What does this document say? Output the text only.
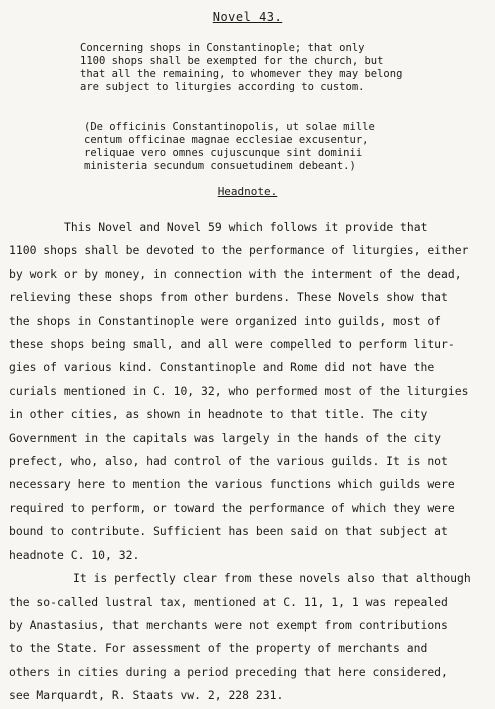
Novel 43.
Concerning shops in Constantinople; that only
1100 shops shall be exempted for the church, but
that all the remaining, to whomever they may belong
are subject to liturgies according to custom.
(De officinis Constantinopolis, ut solae mille
centum officinae magnae ecclesiae excusentur,
reliquae vero omnes cujuscunque sint dominii
ministeria secundum consuetudinem debeant.)
Headnote.
This Novel and Novel 59 which follows it provide that
1100 shops shall be devoted to the performance of liturgies, either
by work or by money, in connection with the interment of the dead,
relieving these shops from other burdens. These Novels show that
the shops in Constantinople were organized into guilds, most of
these shops being small, and all were compelled to perform litur-
gies of various kind. Constantinople and Rome did not have the
curials mentioned in C. 10, 32, who performed most of the liturgies
in other cities, as shown in headnote to that title. The city
Government in the capitals was largely in the hands of the city
prefect, who, also, had control of the various guilds. It is not
necessary here to mention the various functions which guilds were
required to perform, or toward the performance of which they were
bound to contribute. Sufficient has been said on that subject at
headnote C. 10, 32.
It is perfectly clear from these novels also that although
the so-called lustral tax, mentioned at C. 11, 1, 1 was repealed
by Anastasius, that merchants were not exempt from contributions
to the State. For assessment of the property of merchants and
others in cities during a period preceding that here considered,
see Marquardt, R. Staats vw. 2, 228 231.
